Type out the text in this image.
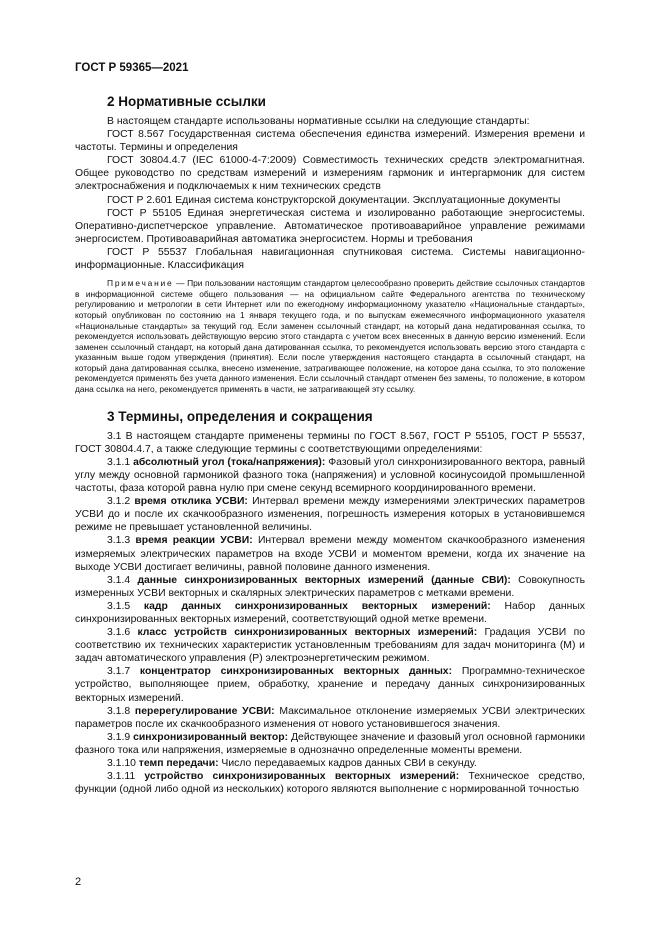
ГОСТ Р 59365—2021
2 Нормативные ссылки

В настоящем стандарте использованы нормативные ссылки на следующие стандарты:

ГОСТ 8.567 Государственная система обеспечения единства измерений. Измерения времени и частоты. Термины и определения

ГОСТ 30804.4.7 (IEC 61000-4-7:2009) Совместимость технических средств электромагнитная. Общее руководство по средствам измерений и измерениям гармоник и интергармоник для систем электроснабжения и подключаемых к ним технических средств

ГОСТ Р 2.601 Единая система конструкторской документации. Эксплуатационные документы

ГОСТ Р 55105 Единая энергетическая система и изолированно работающие энергосистемы. Оперативно-диспетчерское управление. Автоматическое противоаварийное управление режимами энергосистем. Противоаварийная автоматика энергосистем. Нормы и требования

ГОСТ Р 55537 Глобальная навигационная спутниковая система. Системы навигационно-информационные. Классификация

Примечание — При пользовании настоящим стандартом целесообразно проверить действие ссылочных стандартов в информационной системе общего пользования — на официальном сайте Федерального агентства по техническому регулированию и метрологии в сети Интернет или по ежегодному информационному указателю «Национальные стандарты», который опубликован по состоянию на 1 января текущего года, и по выпускам ежемесячного информационного указателя «Национальные стандарты» за текущий год. Если заменен ссылочный стандарт, на который дана недатированная ссылка, то рекомендуется использовать действующую версию этого стандарта с учетом всех внесенных в данную версию изменений. Если заменен ссылочный стандарт, на который дана датированная ссылка, то рекомендуется использовать версию этого стандарта с указанным выше годом утверждения (принятия). Если после утверждения настоящего стандарта в ссылочный стандарт, на который дана датированная ссылка, внесено изменение, затрагивающее положение, на которое дана ссылка, то это положение рекомендуется применять без учета данного изменения. Если ссылочный стандарт отменен без замены, то положение, в котором дана ссылка на него, рекомендуется применять в части, не затрагивающей эту ссылку.

3 Термины, определения и сокращения

3.1 В настоящем стандарте применены термины по ГОСТ 8.567, ГОСТ Р 55105, ГОСТ Р 55537, ГОСТ 30804.4.7, а также следующие термины с соответствующими определениями:

3.1.1 абсолютный угол (тока/напряжения): Фазовый угол синхронизированного вектора, равный углу между основной гармоникой фазного тока (напряжения) и условной косинусоидой промышленной частоты, фаза которой равна нулю при смене секунд всемирного координированного времени.

3.1.2 время отклика УСВИ: Интервал времени между измерениями электрических параметров УСВИ до и после их скачкообразного изменения, погрешность измерения которых в установившемся режиме не превышает установленной величины.

3.1.3 время реакции УСВИ: Интервал времени между моментом скачкообразного изменения измеряемых электрических параметров на входе УСВИ и моментом времени, когда их значение на выходе УСВИ достигает величины, равной половине данного изменения.

3.1.4 данные синхронизированных векторных измерений (данные СВИ): Совокупность измеренных УСВИ векторных и скалярных электрических параметров с метками времени.

3.1.5 кадр данных синхронизированных векторных измерений: Набор данных синхронизированных векторных измерений, соответствующий одной метке времени.

3.1.6 класс устройств синхронизированных векторных измерений: Градация УСВИ по соответствию их технических характеристик установленным требованиям для задач мониторинга (М) и задач автоматического управления (Р) электроэнергетическим режимом.

3.1.7 концентратор синхронизированных векторных данных: Программно-техническое устройство, выполняющее прием, обработку, хранение и передачу данных синхронизированных векторных измерений.

3.1.8 перерегулирование УСВИ: Максимальное отклонение измеряемых УСВИ электрических параметров после их скачкообразного изменения от нового установившегося значения.

3.1.9 синхронизированный вектор: Действующее значение и фазовый угол основной гармоники фазного тока или напряжения, измеряемые в однозначно определенные моменты времени.

3.1.10 темп передачи: Число передаваемых кадров данных СВИ в секунду.

3.1.11 устройство синхронизированных векторных измерений: Техническое средство, функции (одной либо одной из нескольких) которого являются выполнение с нормированной точностью

2
